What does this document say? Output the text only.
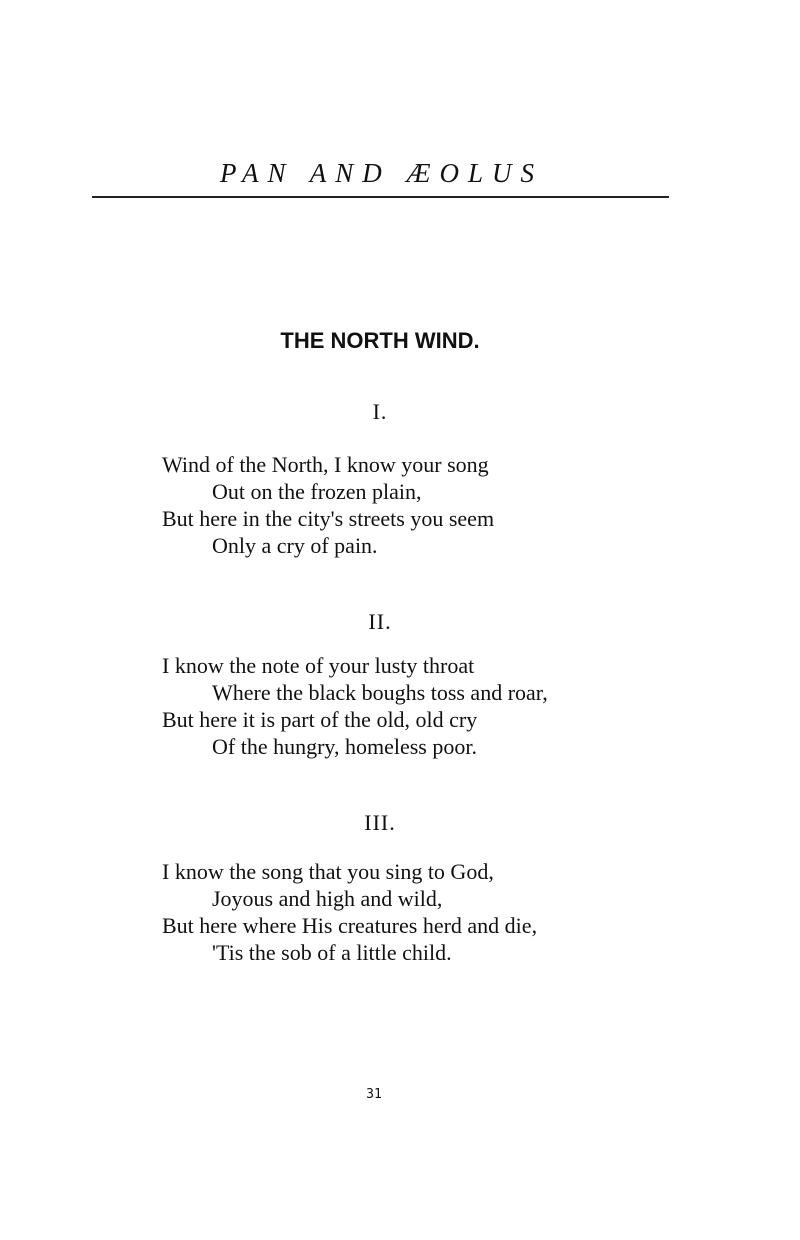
PAN AND ÆOLUS
THE NORTH WIND.
I.
Wind of the North, I know your song
Out on the frozen plain,
But here in the city's streets you seem
Only a cry of pain.
II.
I know the note of your lusty throat
Where the black boughs toss and roar,
But here it is part of the old, old cry
Of the hungry, homeless poor.
III.
I know the song that you sing to God,
Joyous and high and wild,
But here where His creatures herd and die,
'Tis the sob of a little child.
31
